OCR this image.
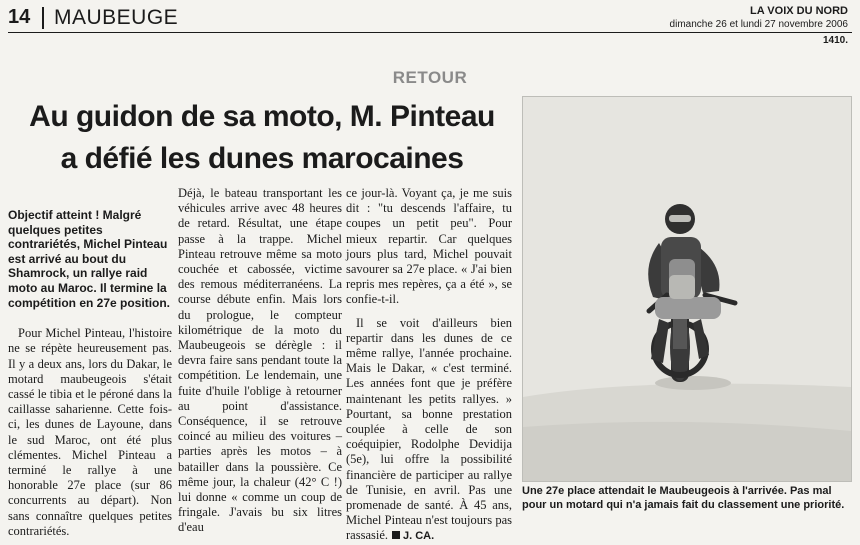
14 MAUBEUGE	LA VOIX DU NORD
dimanche 26 et lundi 27 novembre 2006
1410.
RETOUR
Au guidon de sa moto, M. Pinteau
a défié les dunes marocaines

Objectif atteint ! Malgré quelques petites contrariétés, Michel Pinteau est arrivé au bout du Shamrock, un rallye raid moto au Maroc. Il termine la compétition en 27e position.

Pour Michel Pinteau, l'histoire ne se répète heureusement pas. Il y a deux ans, lors du Dakar, le motard maubeugeois s'était cassé le tibia et le péroné dans la caillasse saharienne. Cette fois-ci, les dunes de Layoune, dans le sud Maroc, ont été plus clémentes. Michel Pinteau a terminé le rallye à une honorable 27e place (sur 86 concurrents au départ). Non sans connaître quelques petites contrariétés.

Déjà, le bateau transportant les véhicules arrive avec 48 heures de retard. Résultat, une étape passe à la trappe. Michel Pinteau retrouve même sa moto couchée et cabossée, victime des remous méditerranéens. La course débute enfin. Mais lors du prologue, le compteur kilométrique de la moto du Maubeugeois se dérègle : il devra faire sans pendant toute la compétition. Le lendemain, une fuite d'huile l'oblige à retourner au point d'assistance. Conséquence, il se retrouve coincé au milieu des voitures – parties après les motos – à batailler dans la poussière. Ce même jour, la chaleur (42° C !) lui donne « comme un coup de fringale. J'avais bu six litres d'eau

ce jour-là. Voyant ça, je me suis dit : "tu descends l'affaire, tu coupes un petit peu". Pour mieux repartir. Car quelques jours plus tard, Michel pouvait savourer sa 27e place. « J'ai bien repris mes repères, ça a été », se confie-t-il.

Il se voit d'ailleurs bien repartir dans les dunes de ce même rallye, l'année prochaine. Mais le Dakar, « c'est terminé. Les années font que je préfère maintenant les petits rallyes. » Pourtant, sa bonne prestation couplée à celle de son coéquipier, Rodolphe Devidija (5e), lui offre la possibilité financière de participer au rallye de Tunisie, en avril. Pas une promenade de santé. À 45 ans, Michel Pinteau n'est toujours pas rassasié. J. CA.

Une 27e place attendait le Maubeugeois à l'arrivée. Pas mal pour un motard qui n'a jamais fait du classement une priorité.
